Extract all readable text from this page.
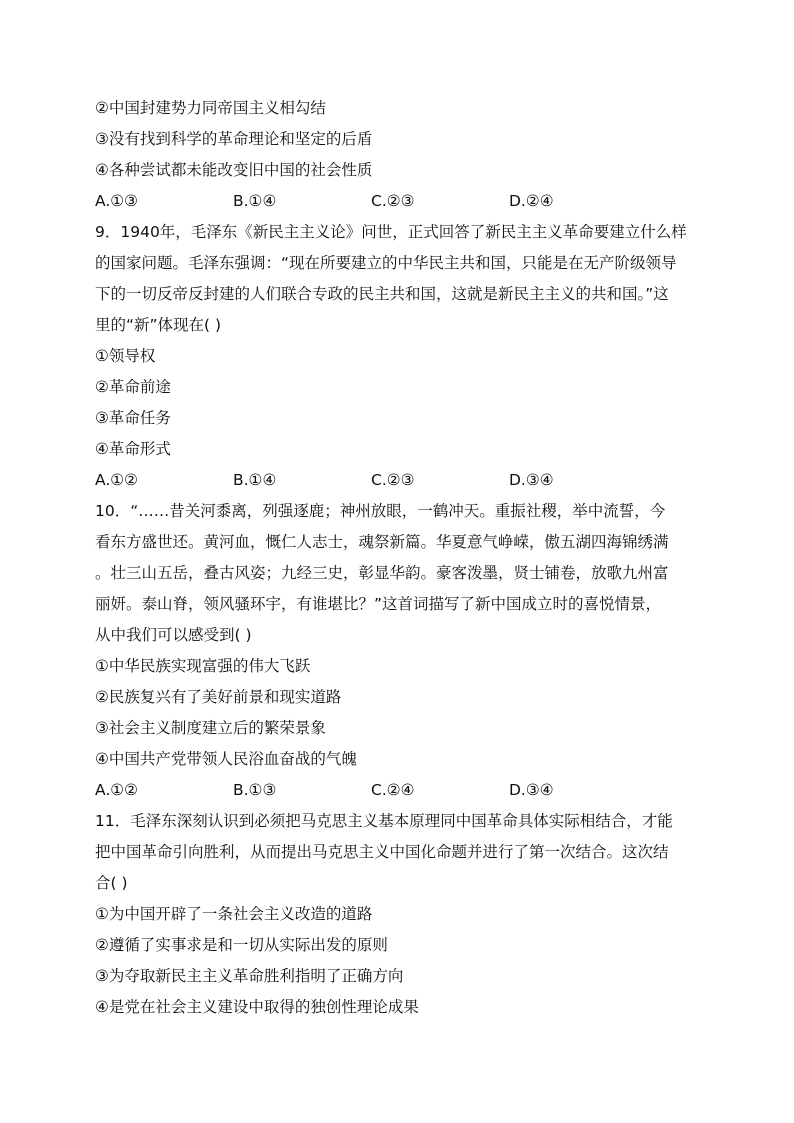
②中国封建势力同帝国主义相勾结
③没有找到科学的革命理论和坚定的后盾
④各种尝试都未能改变旧中国的社会性质
A.①③	B.①④	C.②③	D.②④
9．1940年，毛泽东《新民主主义论》问世，正式回答了新民主主义革命要建立什么样
的国家问题。毛泽东强调：“现在所要建立的中华民主共和国，只能是在无产阶级领导
下的一切反帝反封建的人们联合专政的民主共和国，这就是新民主主义的共和国。”这
里的“新”体现在( )
①领导权
②革命前途
③革命任务
④革命形式
A.①②	B.①④	C.②③	D.③④
10．“……昔关河黍离，列强逐鹿；神州放眼，一鹤冲天。重振社稷，举中流誓，今
看东方盛世还。黄河血，慨仁人志士，魂祭新篇。华夏意气峥嵘，傲五湖四海锦绣满
。壮三山五岳，叠古风姿；九经三史，彰显华韵。豪客泼墨，贤士铺卷，放歌九州富
丽妍。泰山脊，领风骚环宇，有谁堪比？”这首词描写了新中国成立时的喜悦情景，
从中我们可以感受到( )
①中华民族实现富强的伟大飞跃
②民族复兴有了美好前景和现实道路
③社会主义制度建立后的繁荣景象
④中国共产党带领人民浴血奋战的气魄
A.①②	B.①③	C.②④	D.③④
11．毛泽东深刻认识到必须把马克思主义基本原理同中国革命具体实际相结合，才能
把中国革命引向胜利，从而提出马克思主义中国化命题并进行了第一次结合。这次结
合( )
①为中国开辟了一条社会主义改造的道路
②遵循了实事求是和一切从实际出发的原则
③为夺取新民主主义革命胜利指明了正确方向
④是党在社会主义建设中取得的独创性理论成果
